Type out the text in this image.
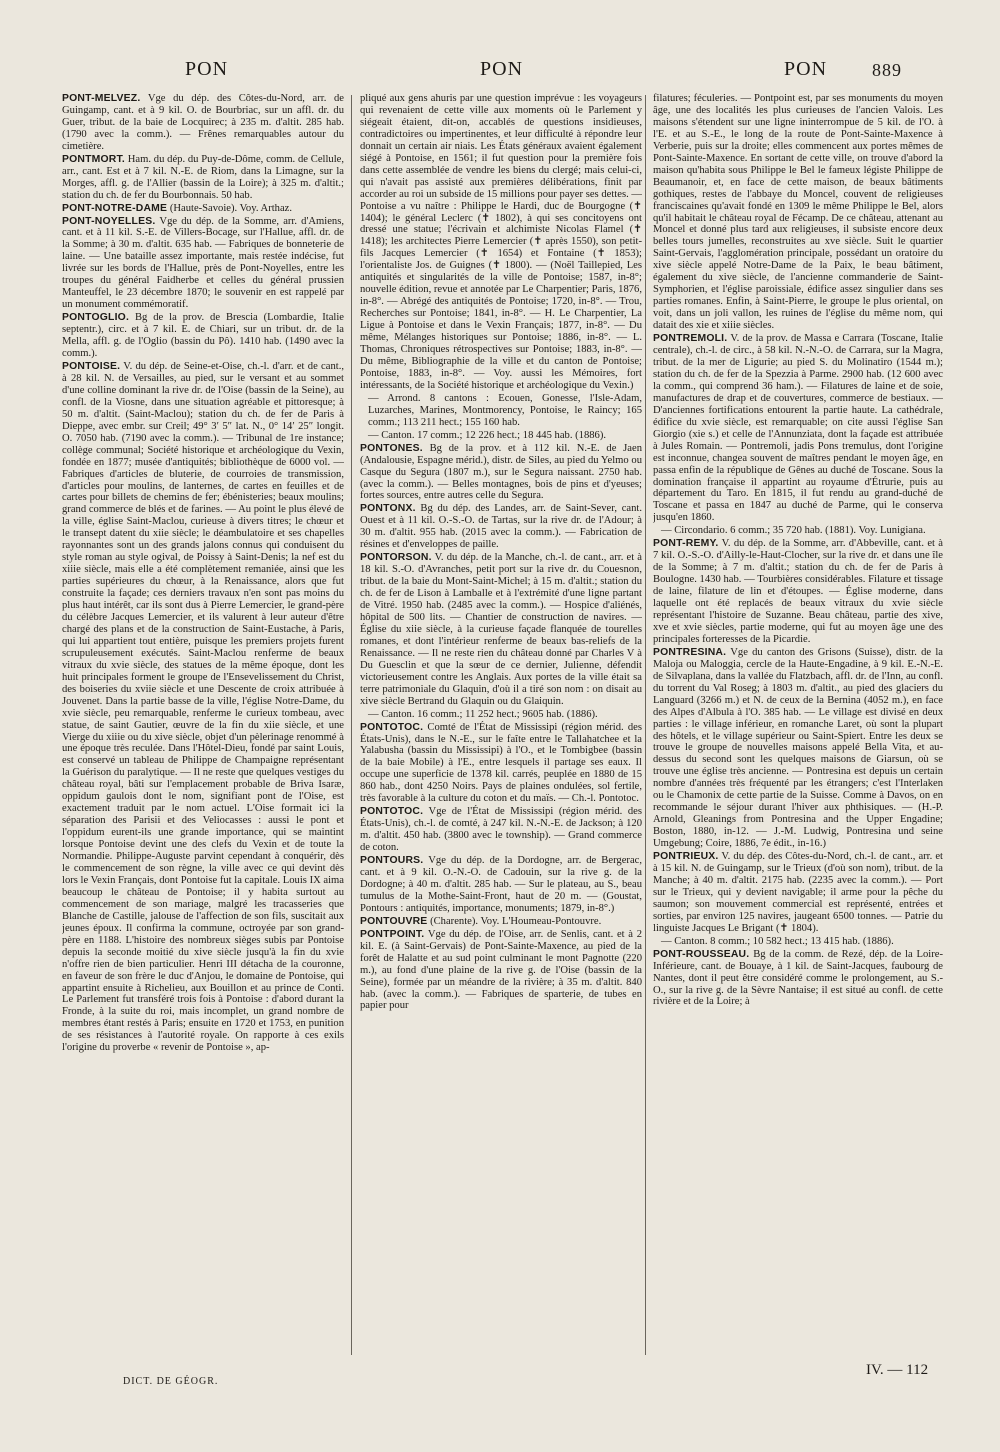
PON	PON	PON 889
PONT-MELVEZ. Vge du dép. des Côtes-du-Nord, arr. de Guingamp, cant. et à 9 kil. O. de Bourbriac, sur un affl. dr. du Guer, tribut. de la baie de Locquirec; à 235 m. d'altit. 285 hab. (1790 avec la comm.). — Frênes remarquables autour du cimetière.
PONTMORT. Ham. du dép. du Puy-de-Dôme, comm. de Cellule, arr., cant. Est et à 7 kil. N.-E. de Riom, dans la Limagne, sur la Morges, affl. g. de l'Allier (bassin de la Loire); à 325 m. d'altit.; station du ch. de fer du Bourbonnais. 50 hab.
PONT-NOTRE-DAME (Haute-Savoie). Voy. Arthaz.
PONT-NOYELLES. Vge du dép. de la Somme, arr. d'Amiens, cant. et à 11 kil. S.-E. de Villers-Bocage, sur l'Hallue, affl. dr. de la Somme; à 30 m. d'altit. 635 hab. — Fabriques de bonneterie de laine. — Une bataille assez importante, mais restée indécise, fut livrée sur les bords de l'Hallue, près de Pont-Noyelles, entre les troupes du général Faidherbe et celles du général prussien Manteuffel, le 23 décembre 1870; le souvenir en est rappelé par un monument commémoratif.
PONTOGLIO. Bg de la prov. de Brescia (Lombardie, Italie septentr.), circ. et à 7 kil. E. de Chiari, sur un tribut. dr. de la Mella, affl. g. de l'Oglio (bassin du Pô). 1410 hab. (1490 avec la comm.).
PONTOISE. V. du dép. de Seine-et-Oise, ch.-l. d'arr. et de cant., à 28 kil. N. de Versailles, au pied, sur le versant et au sommet d'une colline dominant la rive dr. de l'Oise (bassin de la Seine), au confl. de la Viosne, dans une situation agréable et pittoresque; à 50 m. d'altit. (Saint-Maclou); station du ch. de fer de Paris à Dieppe, avec embr. sur Creil; 49° 3′ 5″ lat. N., 0° 14′ 25″ longit. O. 7050 hab. (7190 avec la comm.). — Tribunal de 1re instance; collège communal; Société historique et archéologique du Vexin, fondée en 1877; musée d'antiquités; bibliothèque de 6000 vol. — Fabriques d'articles de bluterie, de courroies de transmission, d'articles pour moulins, de lanternes, de cartes en feuilles et de cartes pour billets de chemins de fer; ébénisteries; beaux moulins; grand commerce de blés et de farines. — Au point le plus élevé de la ville, église Saint-Maclou, curieuse à divers titres; le chœur et le transept datent du xiie siècle; le déambulatoire et ses chapelles rayonnantes sont un des grands jalons connus qui conduisent du style roman au style ogival, de Poissy à Saint-Denis; la nef est du xiiie siècle, mais elle a été complètement remaniée, ainsi que les parties supérieures du chœur, à la Renaissance, alors que fut construite la façade; ces derniers travaux n'en sont pas moins du plus haut intérêt, car ils sont dus à Pierre Lemercier, le grand-père du célèbre Jacques Lemercier, et ils valurent à leur auteur d'être chargé des plans et de la construction de Saint-Eustache, à Paris, qui lui appartient tout entière, puisque les premiers projets furent scrupuleusement exécutés. Saint-Maclou renferme de beaux vitraux du xvie siècle, des statues de la même époque, dont les huit principales forment le groupe de l'Ensevelissement du Christ, des boiseries du xviie siècle et une Descente de croix attribuée à Jouvenet. Dans la partie basse de la ville, l'église Notre-Dame, du xvie siècle, peu remarquable, renferme le curieux tombeau, avec statue, de saint Gautier, œuvre de la fin du xiie siècle, et une Vierge du xiiie ou du xive siècle, objet d'un pèlerinage renommé à une époque très reculée. Dans l'Hôtel-Dieu, fondé par saint Louis, est conservé un tableau de Philippe de Champaigne représentant la Guérison du paralytique. — Il ne reste que quelques vestiges du château royal, bâti sur l'emplacement probable de Briva Isaræ, oppidum gaulois dont le nom, signifiant pont de l'Oise, est exactement traduit par le nom actuel. L'Oise formait ici la séparation des Parisii et des Veliocasses : aussi le pont et l'oppidum eurent-ils une grande importance, qui se maintint lorsque Pontoise devint une des clefs du Vexin et de toute la Normandie. Philippe-Auguste parvint cependant à conquérir, dès le commencement de son règne, la ville avec ce qui devint dès lors le Vexin Français, dont Pontoise fut la capitale. Louis IX aima beaucoup le château de Pontoise; il y habita surtout au commencement de son mariage, malgré les tracasseries que Blanche de Castille, jalouse de l'affection de son fils, suscitait aux jeunes époux. Il confirma la commune, octroyée par son grand-père en 1188. L'histoire des nombreux sièges subis par Pontoise depuis la seconde moitié du xive siècle jusqu'à la fin du xvie n'offre rien de bien particulier. Henri III détacha de la couronne, en faveur de son frère le duc d'Anjou, le domaine de Pontoise, qui appartint ensuite à Richelieu, aux Bouillon et au prince de Conti. Le Parlement fut transféré trois fois à Pontoise : d'abord durant la Fronde, à la suite du roi, mais incomplet, un grand nombre de membres étant restés à Paris; ensuite en 1720 et 1753, en punition de ses résistances à l'autorité royale. On rapporte à ces exils l'origine du proverbe « revenir de Pontoise », ap-
pliqué aux gens ahuris par une question imprévue : les voyageurs qui revenaient de cette ville aux moments où le Parlement y siégeait étaient, dit-on, accablés de questions insidieuses, contradictoires ou impertinentes, et leur difficulté à répondre leur donnait un certain air niais. Les États généraux avaient également siégé à Pontoise, en 1561; il fut question pour la première fois dans cette assemblée de vendre les biens du clergé; mais celui-ci, qui n'avait pas assisté aux premières délibérations, finit par accorder au roi un subside de 15 millions pour payer ses dettes. — Pontoise a vu naître : Philippe le Hardi, duc de Bourgogne (✝ 1404); le général Leclerc (✝ 1802), à qui ses concitoyens ont dressé une statue; l'écrivain et alchimiste Nicolas Flamel (✝ 1418); les architectes Pierre Lemercier (✝ après 1550), son petit-fils Jacques Lemercier (✝ 1654) et Fontaine (✝ 1853); l'orientaliste Jos. de Guignes (✝ 1800). — (Noël Taillepied, Les antiquités et singularités de la ville de Pontoise; 1587, in-8°; nouvelle édition, revue et annotée par Le Charpentier; Paris, 1876, in-8°. — Abrégé des antiquités de Pontoise; 1720, in-8°. — Trou, Recherches sur Pontoise; 1841, in-8°. — H. Le Charpentier, La Ligue à Pontoise et dans le Vexin Français; 1877, in-8°. — Du même, Mélanges historiques sur Pontoise; 1886, in-8°. — L. Thomas, Chroniques rétrospectives sur Pontoise; 1883, in-8°. — Du même, Bibliographie de la ville et du canton de Pontoise; Pontoise, 1883, in-8°. — Voy. aussi les Mémoires, fort intéressants, de la Société historique et archéologique du Vexin.)
— Arrond. 8 cantons : Ecouen, Gonesse, l'Isle-Adam, Luzarches, Marines, Montmorency, Pontoise, le Raincy; 165 comm.; 113 211 hect.; 155 160 hab.
— Canton. 17 comm.; 12 226 hect.; 18 445 hab. (1886).
PONTONES. Bg de la prov. et à 112 kil. N.-E. de Jaen (Andalousie, Espagne mérid.), distr. de Siles, au pied du Yelmo ou Casque du Segura (1807 m.), sur le Segura naissant. 2750 hab. (avec la comm.). — Belles montagnes, bois de pins et d'yeuses; fortes sources, entre autres celle du Segura.
PONTONX. Bg du dép. des Landes, arr. de Saint-Sever, cant. Ouest et à 11 kil. O.-S.-O. de Tartas, sur la rive dr. de l'Adour; à 30 m. d'altit. 955 hab. (2015 avec la comm.). — Fabrication de résines et d'enveloppes de paille.
PONTORSON. V. du dép. de la Manche, ch.-l. de cant., arr. et à 18 kil. S.-O. d'Avranches, petit port sur la rive dr. du Couesnon, tribut. de la baie du Mont-Saint-Michel; à 15 m. d'altit.; station du ch. de fer de Lison à Lamballe et à l'extrémité d'une ligne partant de Vitré. 1950 hab. (2485 avec la comm.). — Hospice d'aliénés, hôpital de 500 lits. — Chantier de construction de navires. — Église du xiie siècle, à la curieuse façade flanquée de tourelles romanes, et dont l'intérieur renferme de beaux bas-reliefs de la Renaissance. — Il ne reste rien du château donné par Charles V à Du Guesclin et que la sœur de ce dernier, Julienne, défendit victorieusement contre les Anglais. Aux portes de la ville était sa terre patrimoniale du Glaquin, d'où il a tiré son nom : on disait au xive siècle Bertrand du Glaquin ou du Glaiquin.
— Canton. 16 comm.; 11 252 hect.; 9605 hab. (1886).
PONTOTOC. Comté de l'État de Mississipi (région mérid. des États-Unis), dans le N.-E., sur le faîte entre le Tallahatchee et la Yalabusha (bassin du Mississipi) à l'O., et le Tombigbee (bassin de la baie Mobile) à l'E., entre lesquels il partage ses eaux. Il occupe une superficie de 1378 kil. carrés, peuplée en 1880 de 15 860 hab., dont 4250 Noirs. Pays de plaines ondulées, sol fertile, très favorable à la culture du coton et du maïs. — Ch.-l. Pontotoc.
PONTOTOC. Vge de l'État de Mississipi (région mérid. des États-Unis), ch.-l. de comté, à 247 kil. N.-N.-E. de Jackson; à 120 m. d'altit. 450 hab. (3800 avec le township). — Grand commerce de coton.
PONTOURS. Vge du dép. de la Dordogne, arr. de Bergerac, cant. et à 9 kil. O.-N.-O. de Cadouin, sur la rive g. de la Dordogne; à 40 m. d'altit. 285 hab. — Sur le plateau, au S., beau tumulus de la Mothe-Saint-Front, haut de 20 m. — (Goustat, Pontours : antiquités, importance, monuments; 1879, in-8°.)
PONTOUVRE (Charente). Voy. L'Houmeau-Pontouvre.
PONTPOINT. Vge du dép. de l'Oise, arr. de Senlis, cant. et à 2 kil. E. (à Saint-Gervais) de Pont-Sainte-Maxence, au pied de la forêt de Halatte et au sud point culminant le mont Pagnotte (220 m.), au fond d'une plaine de la rive g. de l'Oise (bassin de la Seine), formée par un méandre de la rivière; à 35 m. d'altit. 840 hab. (avec la comm.). — Fabriques de sparterie, de tubes en papier pour
filatures; féculeries. — Pontpoint est, par ses monuments du moyen âge, une des localités les plus curieuses de l'ancien Valois. Les maisons s'étendent sur une ligne ininterrompue de 5 kil. de l'O. à l'E. et au S.-E., le long de la route de Pont-Sainte-Maxence à Verberie, puis sur la droite; elles commencent aux portes mêmes de Pont-Sainte-Maxence. En sortant de cette ville, on trouve d'abord la maison qu'habita sous Philippe le Bel le fameux légiste Philippe de Beaumanoir, et, en face de cette maison, de beaux bâtiments gothiques, restes de l'abbaye du Moncel, couvent de religieuses franciscaines qu'avait fondé en 1309 le même Philippe le Bel, alors qu'il habitait le château royal de Fécamp. De ce château, attenant au Moncel et donné plus tard aux religieuses, il subsiste encore deux belles tours jumelles, reconstruites au xve siècle. Suit le quartier Saint-Gervais, l'agglomération principale, possédant un oratoire du xive siècle appelé Notre-Dame de la Paix, le beau bâtiment, également du xive siècle, de l'ancienne commanderie de Saint-Symphorien, et l'église paroissiale, édifice assez singulier dans ses parties romanes. Enfin, à Saint-Pierre, le groupe le plus oriental, on voit, dans un joli vallon, les ruines de l'église du même nom, qui datait des xie et xiiie siècles.
PONTREMOLI. V. de la prov. de Massa e Carrara (Toscane, Italie centrale), ch.-l. de circ., à 58 kil. N.-N.-O. de Carrara, sur la Magra, tribut. de la mer de Ligurie; au pied S. du Molinatiro (1544 m.); station du ch. de fer de la Spezzia à Parme. 2900 hab. (12 600 avec la comm., qui comprend 36 ham.). — Filatures de laine et de soie, manufactures de drap et de couvertures, commerce de bestiaux. — D'anciennes fortifications entourent la partie haute. La cathédrale, édifice du xvie siècle, est remarquable; on cite aussi l'église San Giorgio (xie s.) et celle de l'Annunziata, dont la façade est attribuée à Jules Romain. — Pontremoli, jadis Pons tremulus, dont l'origine est inconnue, changea souvent de maîtres pendant le moyen âge, en passa enfin de la république de Gênes au duché de Toscane. Sous la domination française il appartint au royaume d'Étrurie, puis au département du Taro. En 1815, il fut rendu au grand-duché de Toscane et passa en 1847 au duché de Parme, qui le conserva jusqu'en 1860.
— Circondario. 6 comm.; 35 720 hab. (1881). Voy. Lunigiana.
PONT-REMY. V. du dép. de la Somme, arr. d'Abbeville, cant. et à 7 kil. O.-S.-O. d'Ailly-le-Haut-Clocher, sur la rive dr. et dans une île de la Somme; à 7 m. d'altit.; station du ch. de fer de Paris à Boulogne. 1430 hab. — Tourbières considérables. Filature et tissage de laine, filature de lin et d'étoupes. — Église moderne, dans laquelle ont été replacés de beaux vitraux du xvie siècle représentant l'histoire de Suzanne. Beau château, partie des xive, xve et xvie siècles, partie moderne, qui fut au moyen âge une des principales forteresses de la Picardie.
PONTRESINA. Vge du canton des Grisons (Suisse), distr. de la Maloja ou Maloggia, cercle de la Haute-Engadine, à 9 kil. E.-N.-E. de Silvaplana, dans la vallée du Flatzbach, affl. dr. de l'Inn, au confl. du torrent du Val Roseg; à 1803 m. d'altit., au pied des glaciers du Languard (3266 m.) et N. de ceux de la Bernina (4052 m.), en face des Alpes d'Albula à l'O. 385 hab. — Le village est divisé en deux parties : le village inférieur, en romanche Laret, où sont la plupart des hôtels, et le village supérieur ou Saint-Spiert. Entre les deux se trouve le groupe de nouvelles maisons appelé Bella Vita, et au-dessus du second sont les quelques maisons de Giarsun, où se trouve une église très ancienne. — Pontresina est depuis un certain nombre d'années très fréquenté par les étrangers; c'est l'Interlaken ou le Chamonix de cette partie de la Suisse. Comme à Davos, on en recommande le séjour durant l'hiver aux phthisiques. — (H.-P. Arnold, Gleanings from Pontresina and the Upper Engadine; Boston, 1880, in-12. — J.-M. Ludwig, Pontresina und seine Umgebung; Coire, 1886, 7e édit., in-16.)
PONTRIEUX. V. du dép. des Côtes-du-Nord, ch.-l. de cant., arr. et à 15 kil. N. de Guingamp, sur le Trieux (d'où son nom), tribut. de la Manche; à 40 m. d'altit. 2175 hab. (2235 avec la comm.). — Port sur le Trieux, qui y devient navigable; il arme pour la pêche du saumon; son mouvement commercial est représenté, entrées et sorties, par environ 125 navires, jaugeant 6500 tonnes. — Patrie du linguiste Jacques Le Brigant (✝ 1804).
— Canton. 8 comm.; 10 582 hect.; 13 415 hab. (1886).
PONT-ROUSSEAU. Bg de la comm. de Rezé, dép. de la Loire-Inférieure, cant. de Bouaye, à 1 kil. de Saint-Jacques, faubourg de Nantes, dont il peut être considéré comme le prolongement, au S.-O., sur la rive g. de la Sèvre Nantaise; il est situé au confl. de cette rivière et de la Loire; à
DICT. DE GÉOGR.
IV. — 112
